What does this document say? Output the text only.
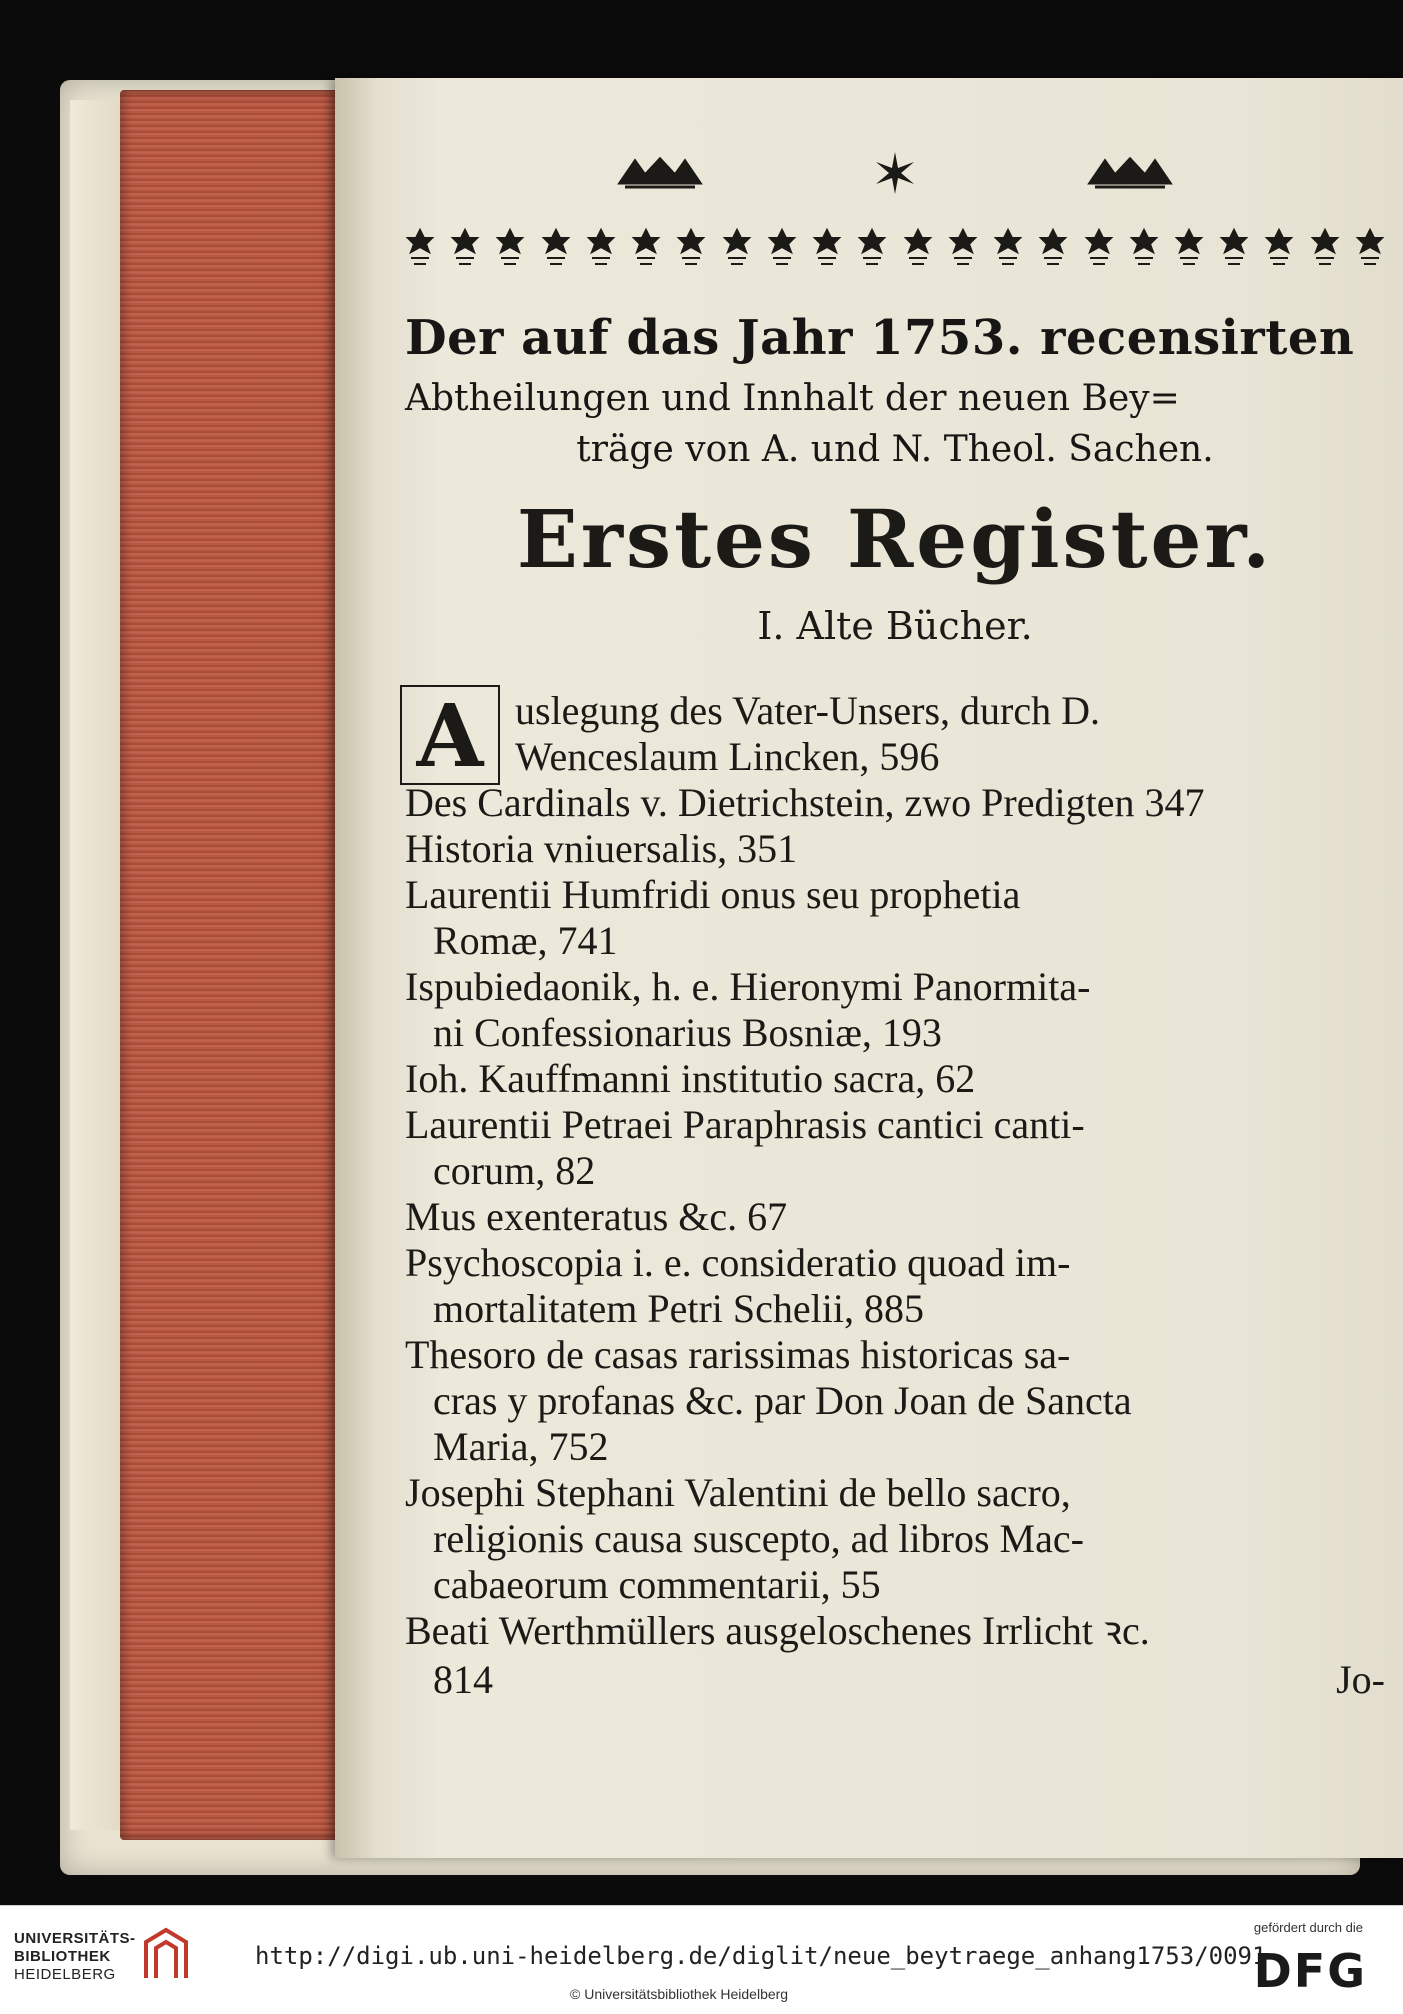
Der auf das Jahr 1753. recensirten
Abtheilungen und Innhalt der neuen Bey=
träge von A. und N. Theol. Sachen.
Erstes Register.
I. Alte Bücher.
A uslegung des Vater-Unsers, durch D.
Wenceslaum Lincken, 596
Des Cardinals v. Dietrichstein, zwo Predigten 347
Historia vniuersalis, 351
Laurentii Humfridi onus seu prophetia
Romæ, 741
Ispubiedaonik, h. e. Hieronymi Panormita-
ni Confessionarius Bosniæ, 193
Ioh. Kauffmanni institutio sacra, 62
Laurentii Petraei Paraphrasis cantici canti-
corum, 82
Mus exenteratus &c. 67
Psychoscopia i. e. consideratio quoad im-
mortalitatem Petri Schelii, 885
Thesoro de casas rarissimas historicas sa-
cras y profanas &c. par Don Joan de Sancta
Maria, 752
Josephi Stephani Valentini de bello sacro,
religionis causa suscepto, ad libros Mac-
cabaeorum commentarii, 55
Beati Werthmüllers ausgeloschenes Irrlicht ꝛc.
814	Jo-
UNIVERSITÄTS-
BIBLIOTHEK
HEIDELBERG
http://digi.ub.uni-heidelberg.de/diglit/neue_beytraege_anhang1753/0091
© Universitätsbibliothek Heidelberg
gefördert durch die
DFG
